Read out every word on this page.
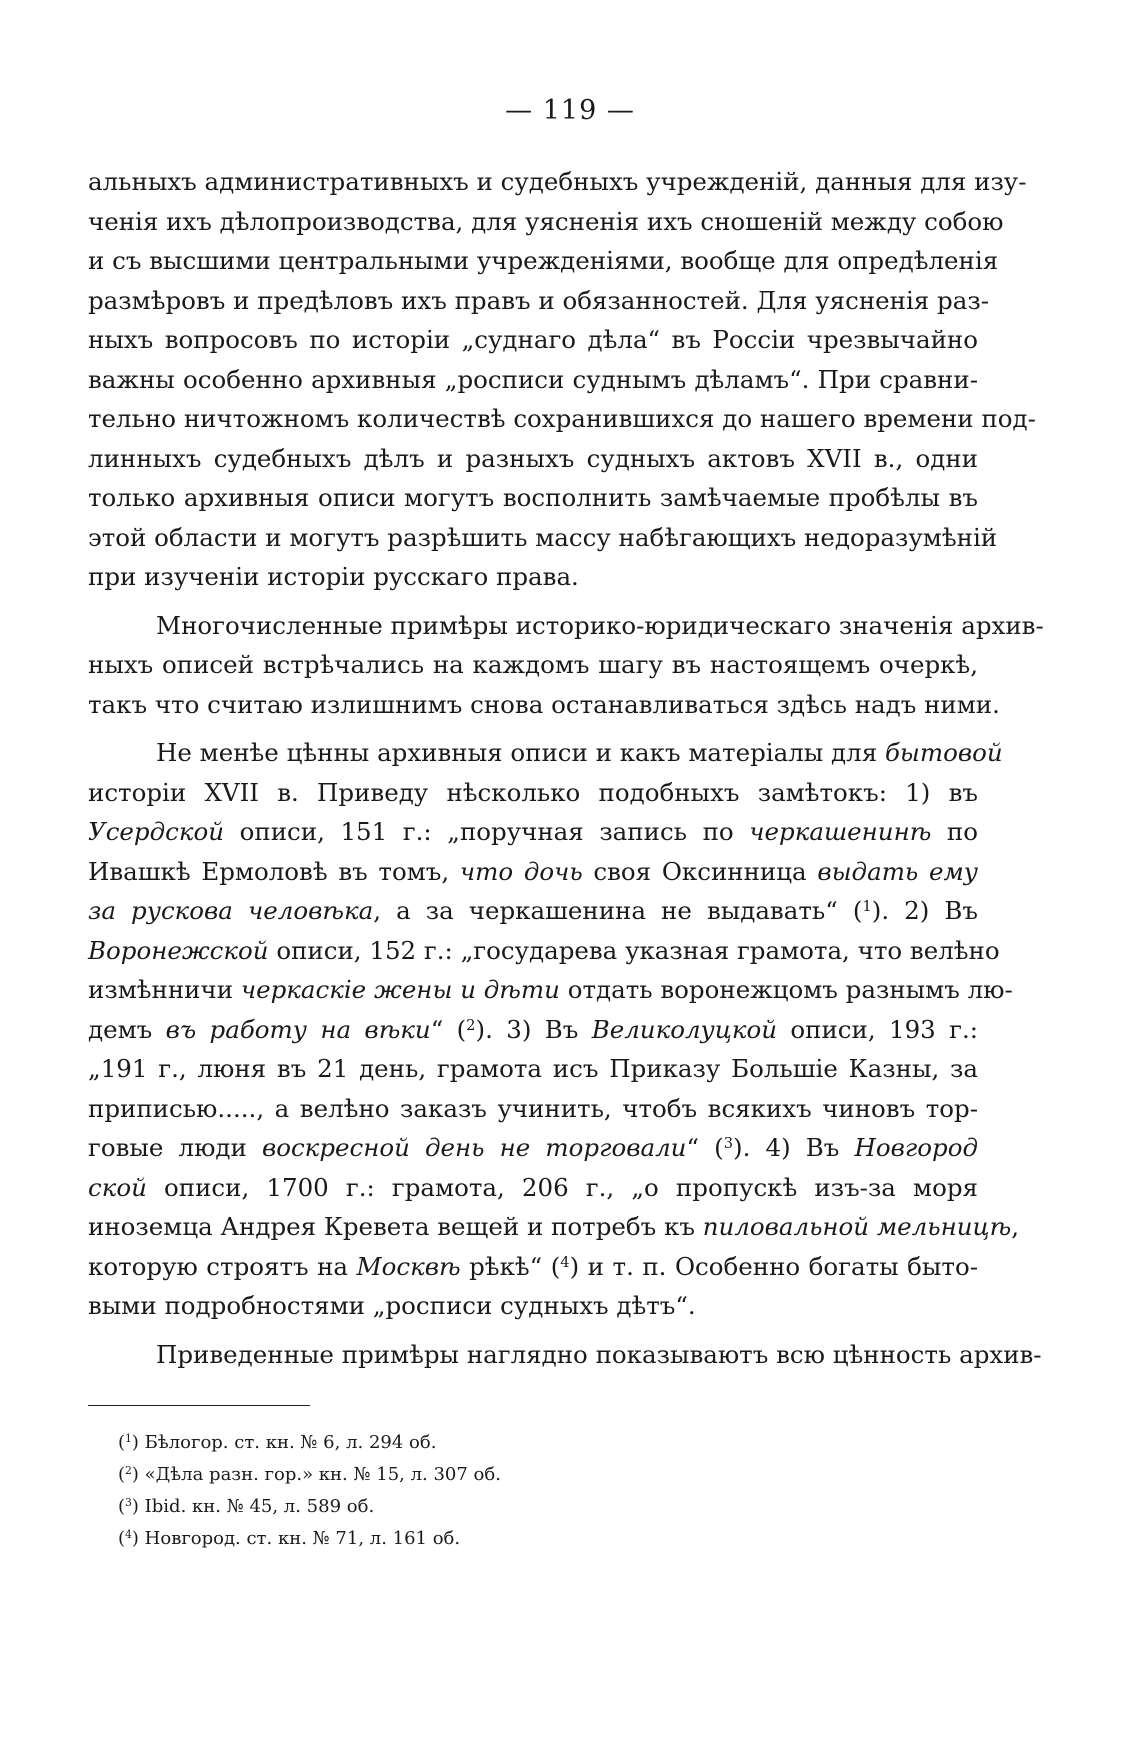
— 119 —
альныхъ административныхъ и судебныхъ учрежденій, данныя для изу-
ченія ихъ дѣлопроизводства, для уясненія ихъ сношеній между собою
и съ высшими центральными учрежденіями, вообще для опредѣленія
размѣровъ и предѣловъ ихъ правъ и обязанностей. Для уясненія раз-
ныхъ вопросовъ по исторіи „суднаго дѣла“ въ Россіи чрезвычайно
важны особенно архивныя „росписи суднымъ дѣламъ“. При сравни-
тельно ничтожномъ количествѣ сохранившихся до нашего времени под-
линныхъ судебныхъ дѣлъ и разныхъ судныхъ актовъ XVII в., одни
только архивныя описи могутъ восполнить замѣчаемые пробѣлы въ
этой области и могутъ разрѣшить массу набѣгающихъ недоразумѣній
при изученіи исторіи русскаго права.
Многочисленные примѣры историко-юридическаго значенія архив-
ныхъ описей встрѣчались на каждомъ шагу въ настоящемъ очеркѣ,
такъ что считаю излишнимъ снова останавливаться здѣсь надъ ними.
Не менѣе цѣнны архивныя описи и какъ матеріалы для бытовой
исторіи XVII в. Приведу нѣсколько подобныхъ замѣтокъ: 1) въ
Усердской описи, 151 г.: „поручная запись по черкашенинѣ по
Ивашкѣ Ермоловѣ въ томъ, что дочь своя Оксинница выдать ему
за рускова человѣка, а за черкашенина не выдавать“ ($^1$). 2) Въ
Воронежской описи, 152 г.: „государева указная грамота, что велѣно
измѣнничи черкаскіе жены и дѣти отдать воронежцомъ разнымъ лю-
демъ въ работу на вѣки“ ($^2$). 3) Въ Великолуцкой описи, 193 г.:
„191 г., люня въ 21 день, грамота исъ Приказу Большіе Казны, за
приписью....., а велѣно заказъ учинить, чтобъ всякихъ чиновъ тор-
говые люди воскресной день не торговали“ ($^3$). 4) Въ Новгород
ской описи, 1700 г.: грамота, 206 г., „о пропускѣ изъ-за моря
иноземца Андрея Кревета вещей и потребъ къ пиловальной мельницѣ,
которую строятъ на Москвѣ рѣкѣ“ ($^4$) и т. п. Особенно богаты быто-
выми подробностями „росписи судныхъ дѣтъ“.
Приведенные примѣры наглядно показываютъ всю цѣнность архив-
($^1$) Бѣлогор. ст. кн. № 6, л. 294 об.
($^2$) «Дѣла разн. гор.» кн. № 15, л. 307 об.
($^3$) Ibid. кн. № 45, л. 589 об.
($^4$) Новгород. ст. кн. № 71, л. 161 об.
